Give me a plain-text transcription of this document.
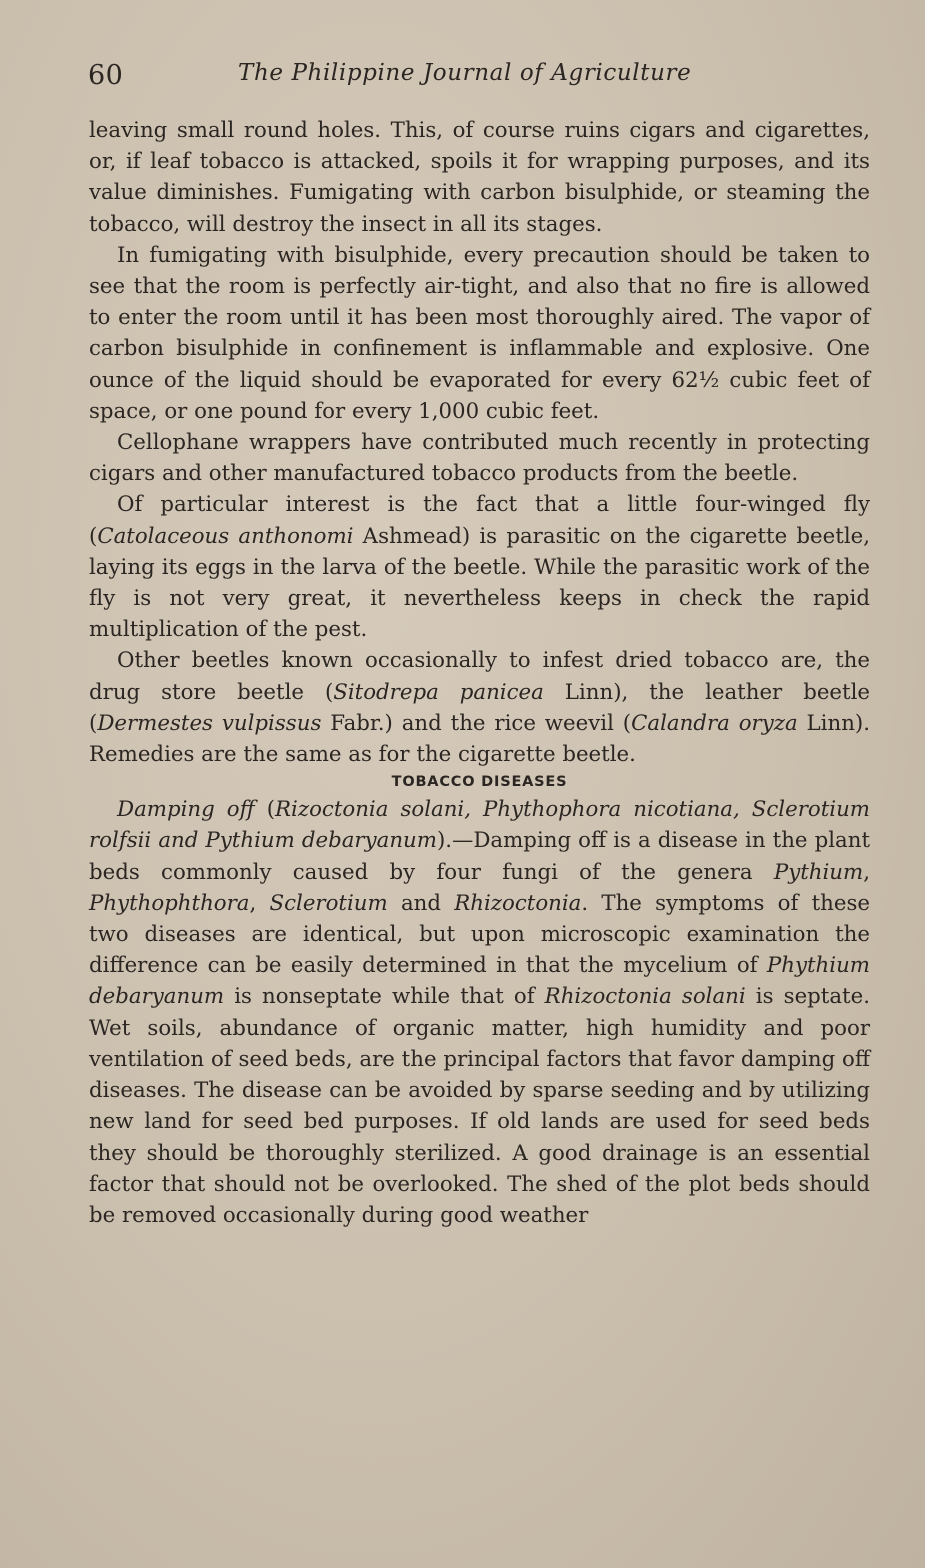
60	The Philippine Journal of Agriculture

leaving small round holes. This, of course ruins cigars and cigarettes, or, if leaf tobacco is attacked, spoils it for wrapping purposes, and its value diminishes. Fumigating with carbon bisulphide, or steaming the tobacco, will destroy the insect in all its stages.

In fumigating with bisulphide, every precaution should be taken to see that the room is perfectly air-tight, and also that no fire is allowed to enter the room until it has been most thoroughly aired. The vapor of carbon bisulphide in confinement is inflammable and explosive. One ounce of the liquid should be evaporated for every 62½ cubic feet of space, or one pound for every 1,000 cubic feet.

Cellophane wrappers have contributed much recently in protecting cigars and other manufactured tobacco products from the beetle.

Of particular interest is the fact that a little four-winged fly (Catolaceous anthonomi Ashmead) is parasitic on the cigarette beetle, laying its eggs in the larva of the beetle. While the parasitic work of the fly is not very great, it nevertheless keeps in check the rapid multiplication of the pest.

Other beetles known occasionally to infest dried tobacco are, the drug store beetle (Sitodrepa panicea Linn), the leather beetle (Dermestes vulpissus Fabr.) and the rice weevil (Calandra oryza Linn). Remedies are the same as for the cigarette beetle.

TOBACCO DISEASES

Damping off (Rizoctonia solani, Phythophora nicotiana, Sclerotium rolfsii and Pythium debaryanum).—Damping off is a disease in the plant beds commonly caused by four fungi of the genera Pythium, Phythophthora, Sclerotium and Rhizoctonia. The symptoms of these two diseases are identical, but upon microscopic examination the difference can be easily determined in that the mycelium of Phythium debaryanum is nonseptate while that of Rhizoctonia solani is septate. Wet soils, abundance of organic matter, high humidity and poor ventilation of seed beds, are the principal factors that favor damping off diseases. The disease can be avoided by sparse seeding and by utilizing new land for seed bed purposes. If old lands are used for seed beds they should be thoroughly sterilized. A good drainage is an essential factor that should not be overlooked. The shed of the plot beds should be removed occasionally during good weather
